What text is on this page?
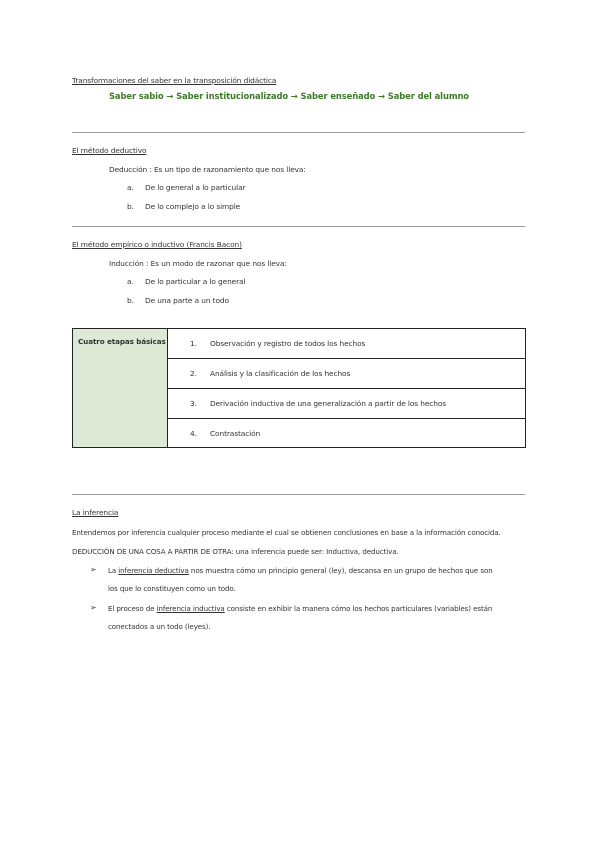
Transformaciones del saber en la transposición didáctica
Saber sabio → Saber institucionalizado → Saber enseñado → Saber del alumno
El método deductivo
Deducción : Es un tipo de razonamiento que nos lleva:
a. De lo general a lo particular
b. De lo complejo a lo simple
El método empírico o inductivo (Francis Bacon)
Inducción : Es un modo de razonar que nos lleva:
a. De lo particular a lo general
b. De una parte a un todo
Cuatro etapas básicas	1. Observación y registro de todos los hechos
2. Análisis y la clasificación de los hechos
3. Derivación inductiva de una generalización a partir de los hechos
4. Contrastación
La inferencia
Entendemos por inferencia cualquier proceso mediante el cual se obtienen conclusiones en base a la información conocida.
DEDUCCIÓN DE UNA COSA A PARTIR DE OTRA: una inferencia puede ser: Inductiva, deductiva.
➢ La inferencia deductiva nos muestra cómo un principio general (ley), descansa en un grupo de hechos que son
los que lo constituyen como un todo.
➢ El proceso de inferencia inductiva consiste en exhibir la manera cómo los hechos particulares (variables) están
conectados a un todo (leyes).
